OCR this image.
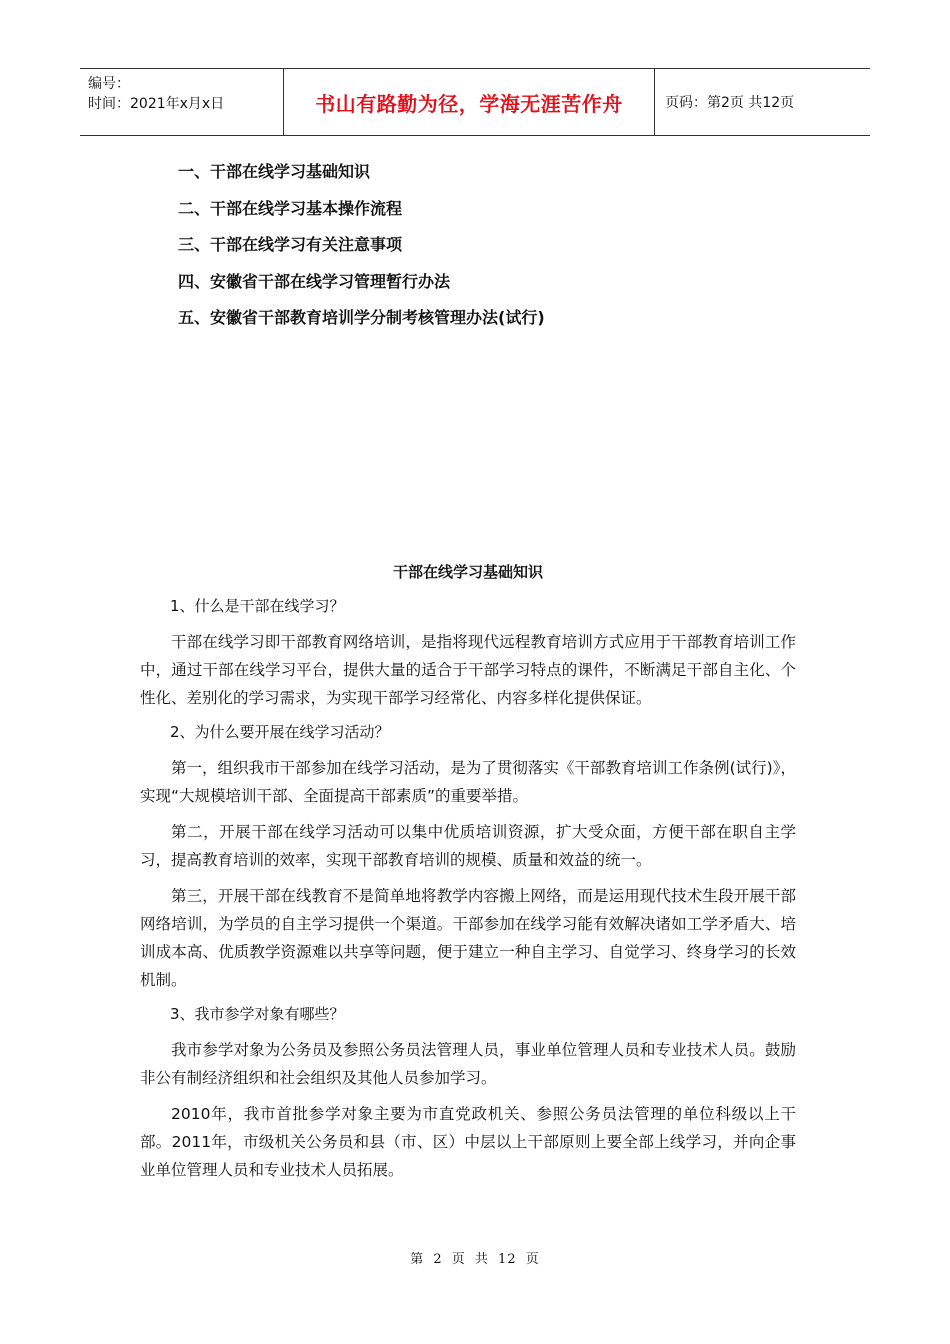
编号：
时间：2021年x月x日	书山有路勤为径，学海无涯苦作舟	页码：第2页 共12页
一、干部在线学习基础知识
二、干部在线学习基本操作流程
三、干部在线学习有关注意事项
四、安徽省干部在线学习管理暂行办法
五、安徽省干部教育培训学分制考核管理办法(试行)
干部在线学习基础知识
1、什么是干部在线学习？
干部在线学习即干部教育网络培训，是指将现代远程教育培训方式应用于干部教育培训工作中，通过干部在线学习平台，提供大量的适合于干部学习特点的课件，不断满足干部自主化、个性化、差别化的学习需求，为实现干部学习经常化、内容多样化提供保证。
2、为什么要开展在线学习活动？
第一，组织我市干部参加在线学习活动，是为了贯彻落实《干部教育培训工作条例(试行)》，实现“大规模培训干部、全面提高干部素质”的重要举措。
第二，开展干部在线学习活动可以集中优质培训资源，扩大受众面，方便干部在职自主学习，提高教育培训的效率，实现干部教育培训的规模、质量和效益的统一。
第三，开展干部在线教育不是简单地将教学内容搬上网络，而是运用现代技术生段开展干部网络培训，为学员的自主学习提供一个渠道。干部参加在线学习能有效解决诸如工学矛盾大、培训成本高、优质教学资源难以共享等问题，便于建立一种自主学习、自觉学习、终身学习的长效机制。
3、我市参学对象有哪些？
我市参学对象为公务员及参照公务员法管理人员，事业单位管理人员和专业技术人员。鼓励非公有制经济组织和社会组织及其他人员参加学习。
2010年，我市首批参学对象主要为市直党政机关、参照公务员法管理的单位科级以上干部。2011年，市级机关公务员和县（市、区）中层以上干部原则上要全部上线学习，并向企事业单位管理人员和专业技术人员拓展。
第 2 页 共 12 页
